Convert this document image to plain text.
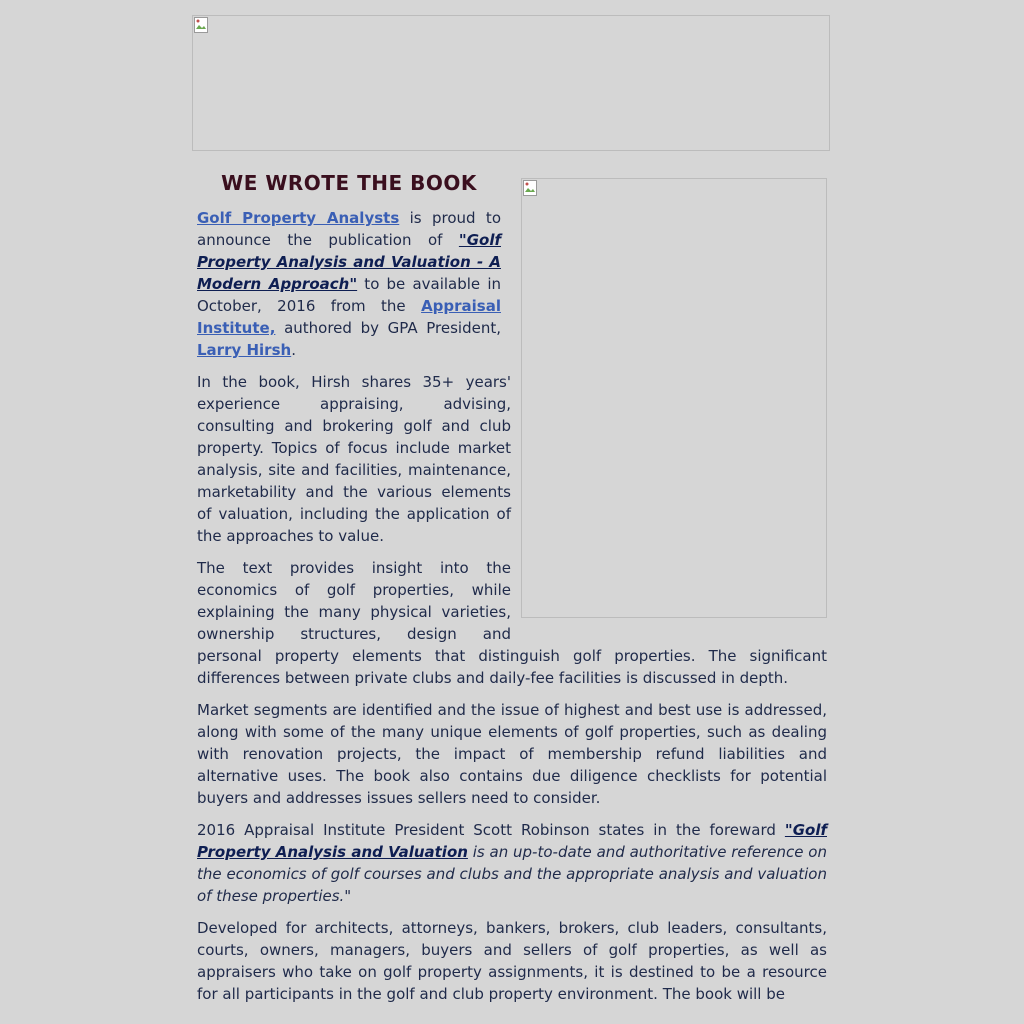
WE WROTE THE BOOK

Golf Property Analysts is proud to announce the publication of "Golf Property Analysis and Valuation - A Modern Approach" to be available in October, 2016 from the Appraisal Institute, authored by GPA President, Larry Hirsh.

In the book, Hirsh shares 35+ years' experience appraising, advising, consulting and brokering golf and club property. Topics of focus include market analysis, site and facilities, maintenance, marketability and the various elements of valuation, including the application of the approaches to value.

The text provides insight into the economics of golf properties, while explaining the many physical varieties, ownership structures, design and personal property elements that distinguish golf properties. The significant differences between private clubs and daily-fee facilities is discussed in depth.

Market segments are identified and the issue of highest and best use is addressed, along with some of the many unique elements of golf properties, such as dealing with renovation projects, the impact of membership refund liabilities and alternative uses. The book also contains due diligence checklists for potential buyers and addresses issues sellers need to consider.

2016 Appraisal Institute President Scott Robinson states in the foreward "Golf Property Analysis and Valuation is an up-to-date and authoritative reference on the economics of golf courses and clubs and the appropriate analysis and valuation of these properties."

Developed for architects, attorneys, bankers, brokers, club leaders, consultants, courts, owners, managers, buyers and sellers of golf properties, as well as appraisers who take on golf property assignments, it is destined to be a resource for all participants in the golf and club property environment. The book will be
